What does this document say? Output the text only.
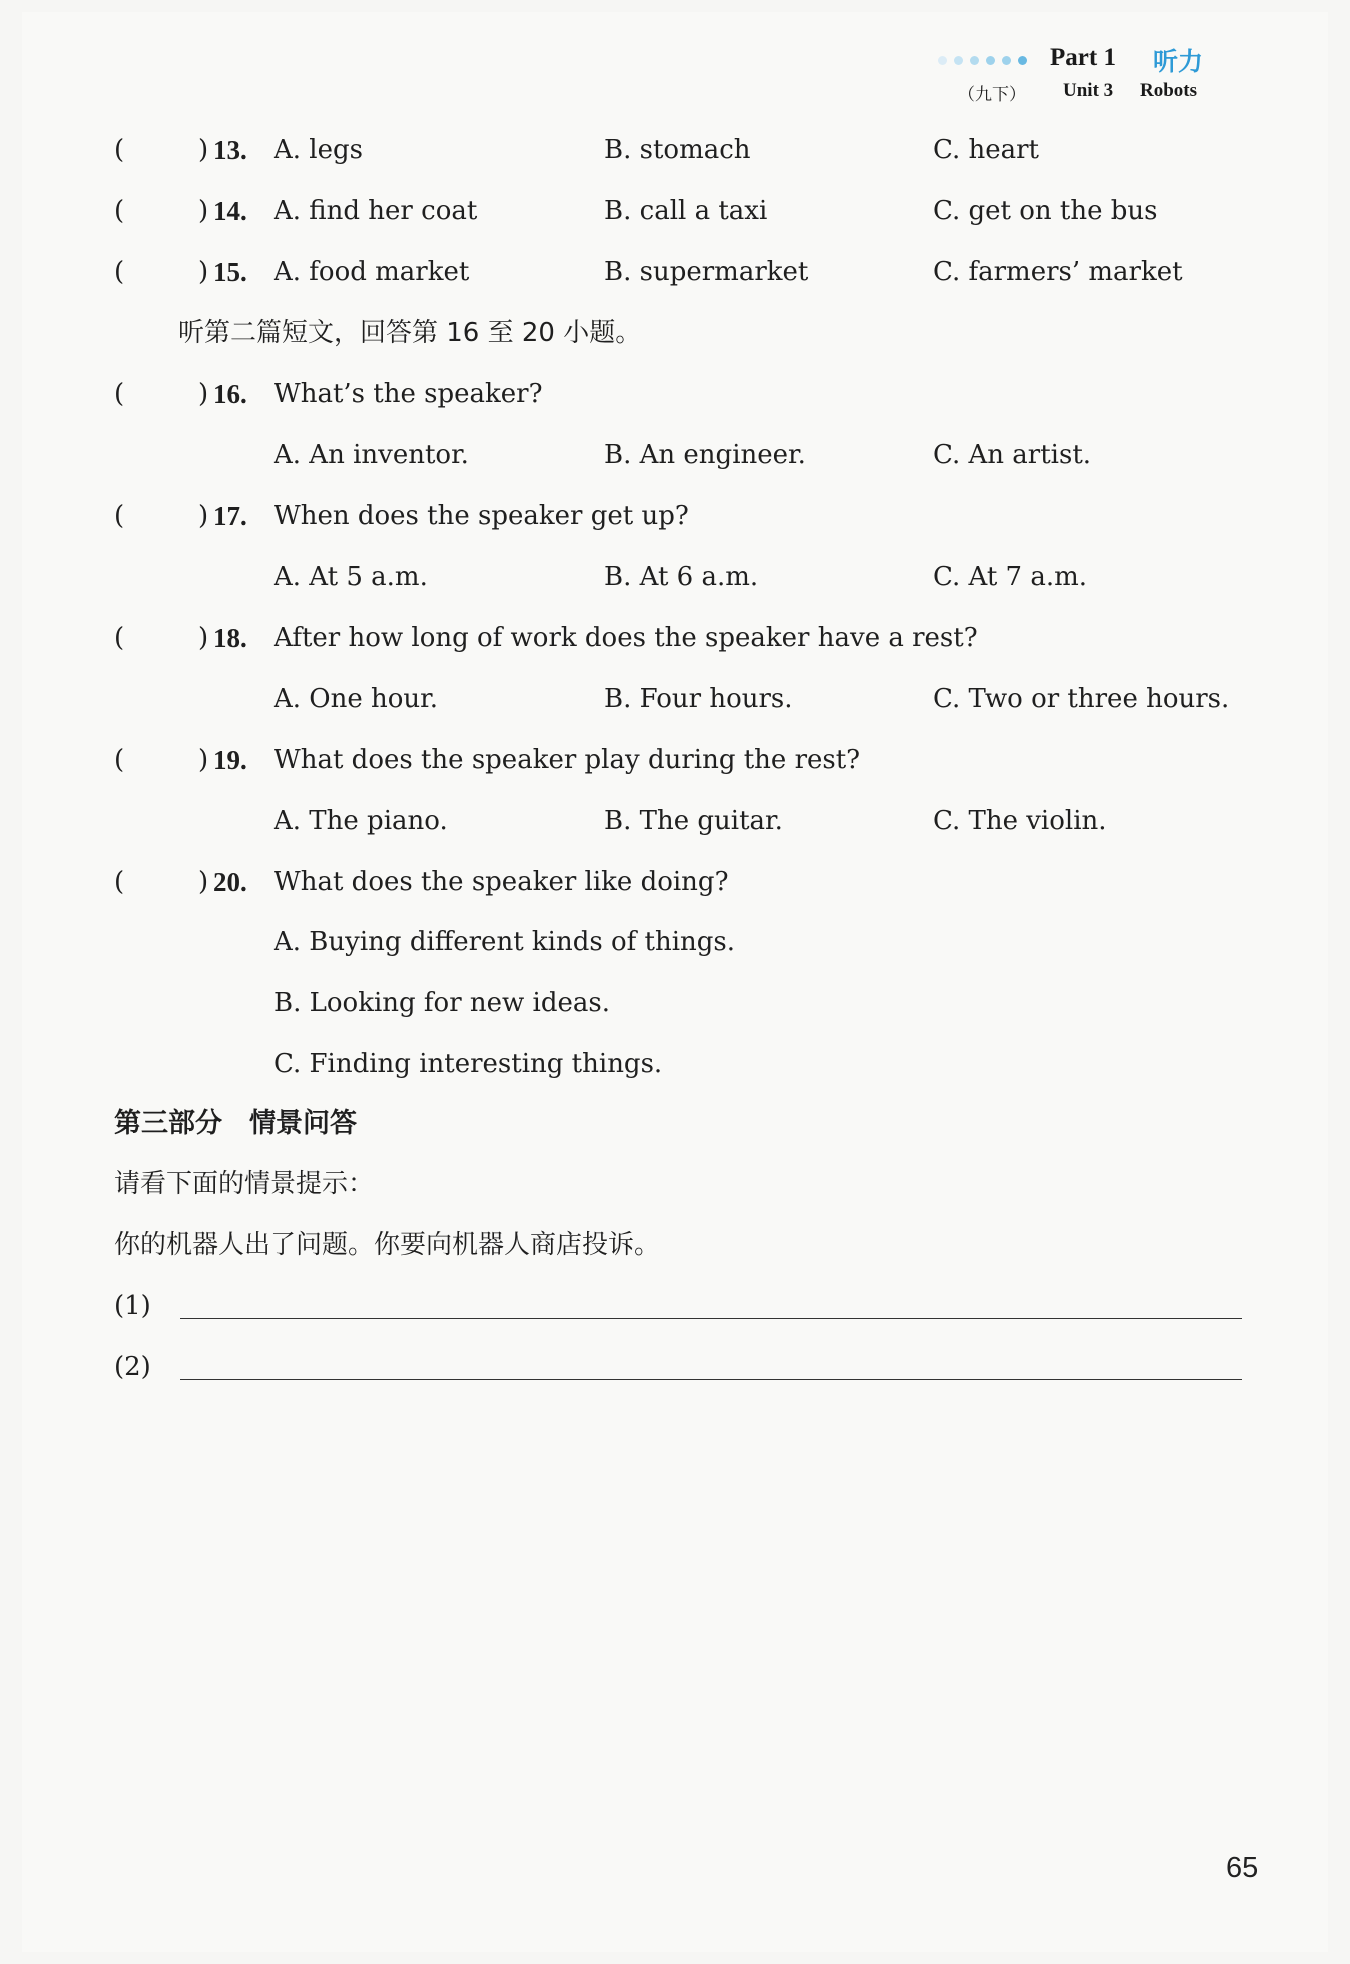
Part 1 听力
（九下） Unit 3 Robots
(	) 13. A. legs	B. stomach	C. heart
(	) 14. A. find her coat	B. call a taxi	C. get on the bus
(	) 15. A. food market	B. supermarket	C. farmers’ market
听第二篇短文，回答第 16 至 20 小题。
(	) 16. What’s the speaker?
A. An inventor.	B. An engineer.	C. An artist.
(	) 17. When does the speaker get up?
A. At 5 a.m.	B. At 6 a.m.	C. At 7 a.m.
(	) 18. After how long of work does the speaker have a rest?
A. One hour.	B. Four hours.	C. Two or three hours.
(	) 19. What does the speaker play during the rest?
A. The piano.	B. The guitar.	C. The violin.
(	) 20. What does the speaker like doing?
A. Buying different kinds of things.
B. Looking for new ideas.
C. Finding interesting things.
第三部分　情景问答
请看下面的情景提示：
你的机器人出了问题。你要向机器人商店投诉。
(1)
(2)
65
